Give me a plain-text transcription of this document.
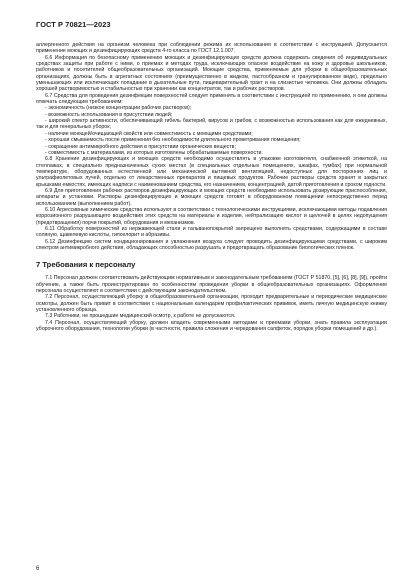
ГОСТ Р 70821—2023

аллергенного действия на организм человека при соблюдении режима их использования в соответствии с инструкцией. Допускается применение моющих и дезинфицирующих средств 4-го класса по ГОСТ 12.1.007.

6.6 Информация по безопасному применению моющих и дезинфицирующих средств должна содержать сведения об индивидуальных средствах защиты при работе с ними, о приемах и методах труда, исключающих опасное воздействие на кожу и здоровье школьников, работников и посетителей общеобразовательных организаций. Моющие средства, применяемые для уборки в общеобразовательных организациях, должны быть в агрегатных состояниях (преимущественно в жидком, пастообразном и гранулированном виде), предельно уменьшающих или исключающих попадание в дыхательные пути, пищеварительный тракт и на слизистые человека. Они должны обладать хорошей растворимостью и стабильностью при хранении как концентратов, так и рабочих растворов.

6.7 Средства для проведения дезинфекции поверхностей следует применять в соответствии с инструкцией по применению, и они должны отвечать следующим требованиям:

- экономичность (низкое концентрации рабочих растворов);

- возможность использования в присутствии людей;

- широкий спектр активности, обеспечивающий гибель бактерий, вирусов и грибов, с возможностью использования как для ежедневных, так и для генеральных уборок;

- наличие моющей/очищающей свойств или совместимость с моющими средствами;

- хорошая смываемость после применения без необходимости длительного проветривания помещения;

- сокращение антимикробного действия в присутствии органических веществ;

- совместимость с материалами, из которых изготовлены обрабатываемые поверхности.

6.8 Хранение дезинфицирующих и моющих средств необходимо осуществлять в упаковке изготовителя, снабженной этикеткой, на стеллажах, в специально предназначенных сухих местах (в специальных отдельных помещениях, шкафах, тумбах) при нормальной температуре, оборудованных естественной или механической вытяжной вентиляцией, недоступных для посторонних лиц и ультрафиолетовых лучей, отдельно от лекарственных препаратов и пищевых продуктов. Рабочие растворы средств хранят в закрытых крышками емкостях, имеющих надписи с наименованием средства, его назначением, концентрацией, датой приготовления и сроком годности.

6.9 Для приготовления рабочих растворов дезинфицирующих и моющих средств необходимо использовать дозирующие приспособления, аппараты и установки. Растворы дезинфицирующих и моющих средств готовят в оборудованном помещении непосредственно перед использованием (выполнением работ).

6.10 Агрессивные химические средства используют в соответствии с технологическими инструкциями, исключающими методы подавления коррозионного разрушающего воздействия этих средств на материалы и изделия, нейтрализацию кислот и щелочей в целях недопущения (предотвращения) порчи покрытий, оборудования и механизмов.

6.11 Обработку поверхностей из нержавеющей стали и гальванопокрытий запрещено выполнять средствами, содержащими в составе соляную, щавелевую кислоты, гипохлорит и абразивы.

6.12 Дезинфекцию систем кондиционирования и увлажнения воздуха следует проводить дезинфицирующими средствами, с широким спектром антимикробного действия, обладающих способностью разрушать и предотвращать образование биологических пленок.

7 Требования к персоналу

7.1 Персонал должен соответствовать действующим нормативным и законодательным требованиям (ГОСТ Р 51870, [5], [6], [8], [9]), пройти обучение, а также быть проинструктирован по особенностям проведения уборки в общеобразовательных организациях. Оформление персонала осуществляют в соответствии с действующим законодательством.

7.2 Персонал, осуществляющий уборку в общеобразовательной организации, проходит предварительные и периодические медицинские осмотры, должен быть привит в соответствии с национальным календарем профилактических прививок, иметь личную медицинскую книжку установленного образца.

7.3 Работники, не прошедшие медицинский осмотр, к работе не допускаются.

7.4 Персонал, осуществляющий уборку, должен владеть современными методами и приемами уборки, знать правила эксплуатации уборочного оборудования, технологии уборки (в частности, правила сложения и чередования салфеток, порядок уборки помещений и др.).

6
